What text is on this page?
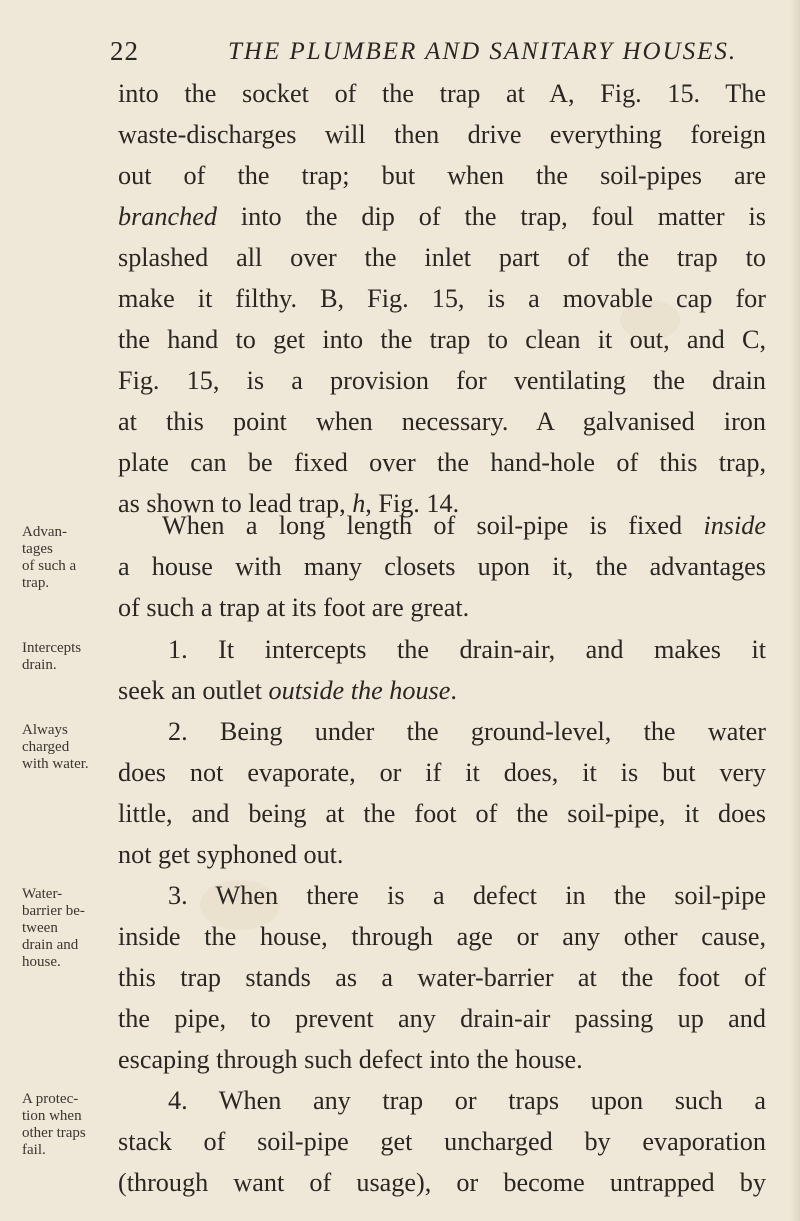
22	THE PLUMBER AND SANITARY HOUSES.
into the socket of the trap at A, Fig. 15. The
waste-discharges will then drive everything foreign
out of the trap; but when the soil-pipes are
branched into the dip of the trap, foul matter is
splashed all over the inlet part of the trap to
make it filthy. B, Fig. 15, is a movable cap for
the hand to get into the trap to clean it out, and C,
Fig. 15, is a provision for ventilating the drain
at this point when necessary. A galvanised iron
plate can be fixed over the hand-hole of this trap,
as shown to lead trap, h, Fig. 14.
When a long length of soil-pipe is fixed inside
a house with many closets upon it, the advantages
of such a trap at its foot are great.
1. It intercepts the drain-air, and makes it
seek an outlet outside the house.
2. Being under the ground-level, the water
does not evaporate, or if it does, it is but very
little, and being at the foot of the soil-pipe, it does
not get syphoned out.
3. When there is a defect in the soil-pipe
inside the house, through age or any other cause,
this trap stands as a water-barrier at the foot of
the pipe, to prevent any drain-air passing up and
escaping through such defect into the house.
4. When any trap or traps upon such a
stack of soil-pipe get uncharged by evaporation
(through want of usage), or become untrapped by
Advan-
tages
of such a
trap.
Intercepts
drain.
Always
charged
with water.
Water-
barrier be-
tween
drain and
house.
A protec-
tion when
other traps
fail.
